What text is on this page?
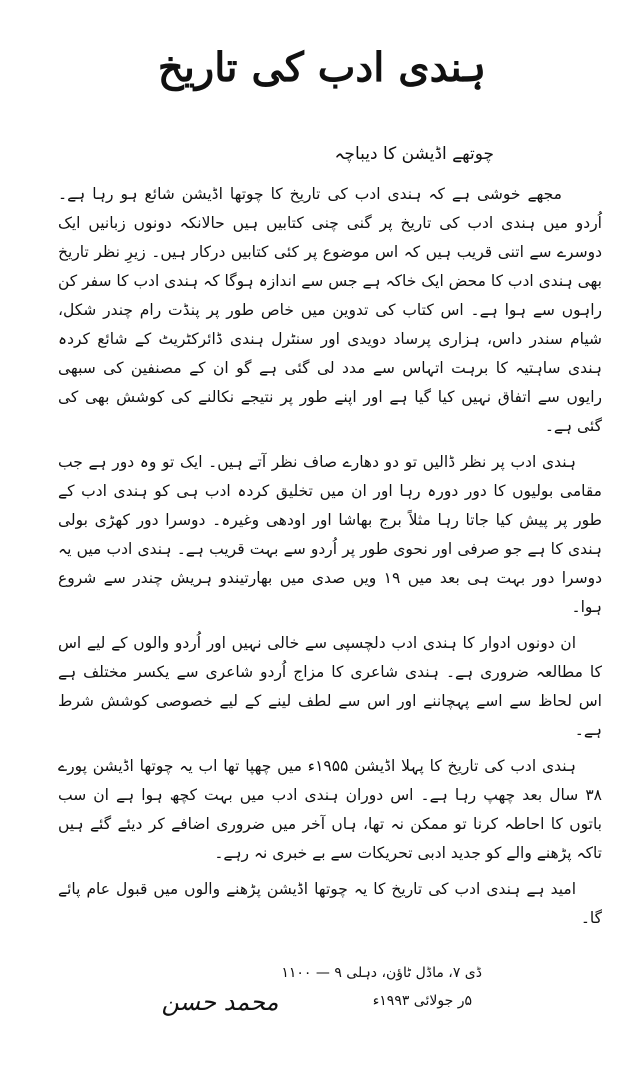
ہندی ادب کی تاریخ
چوتھے اڈیشن کا دیباچہ

مجھے خوشی ہے کہ ہندی ادب کی تاریخ کا چوتھا اڈیشن شائع ہو رہا ہے۔ اُردو میں ہندی ادب کی تاریخ پر گنی چنی کتابیں ہیں حالانکہ دونوں زبانیں ایک دوسرے سے اتنی قریب ہیں کہ اس موضوع پر کئی کتابیں درکار ہیں۔ زیرِ نظر تاریخ بھی ہندی ادب کا محض ایک خاکہ ہے جس سے اندازہ ہوگا کہ ہندی ادب کا سفر کن راہوں سے ہوا ہے۔ اس کتاب کی تدوین میں خاص طور پر پنڈت رام چندر شکل، شیام سندر داس، ہزاری پرساد دویدی اور سنٹرل ہندی ڈائرکٹریٹ کے شائع کردہ ہندی ساہتیہ کا برہت اتہاس سے مدد لی گئی ہے گو ان کے مصنفین کی سبھی رایوں سے اتفاق نہیں کیا گیا ہے اور اپنے طور پر نتیجے نکالنے کی کوشش بھی کی گئی ہے۔

ہندی ادب پر نظر ڈالیں تو دو دھارے صاف نظر آتے ہیں۔ ایک تو وہ دور ہے جب مقامی بولیوں کا دور دورہ رہا اور ان میں تخلیق کردہ ادب ہی کو ہندی ادب کے طور پر پیش کیا جاتا رہا مثلاً برج بھاشا اور اودھی وغیرہ۔ دوسرا دور کھڑی بولی ہندی کا ہے جو صرفی اور نحوی طور پر اُردو سے بہت قریب ہے۔ ہندی ادب میں یہ دوسرا دور بہت ہی بعد میں ۱۹ ویں صدی میں بھارتیندو ہریش چندر سے شروع ہوا۔

ان دونوں ادوار کا ہندی ادب دلچسپی سے خالی نہیں اور اُردو والوں کے لیے اس کا مطالعہ ضروری ہے۔ ہندی شاعری کا مزاج اُردو شاعری سے یکسر مختلف ہے اس لحاظ سے اسے پہچاننے اور اس سے لطف لینے کے لیے خصوصی کوشش شرط ہے۔

ہندی ادب کی تاریخ کا پہلا اڈیشن ۱۹۵۵ء میں چھپا تھا اب یہ چوتھا اڈیشن پورے ۳۸ سال بعد چھپ رہا ہے۔ اس دوران ہندی ادب میں بہت کچھ ہوا ہے ان سب باتوں کا احاطہ کرنا تو ممکن نہ تھا، ہاں آخر میں ضروری اضافے کر دیئے گئے ہیں تاکہ پڑھنے والے کو جدید ادبی تحریکات سے بے خبری نہ رہے۔

امید ہے ہندی ادب کی تاریخ کا یہ چوتھا اڈیشن پڑھنے والوں میں قبول عام پائے گا۔

ڈی ۷، ماڈل ٹاؤن، دہلی ۹ — ۱۱۰۰
۵ر جولائی ۱۹۹۳ء
محمد حسن
